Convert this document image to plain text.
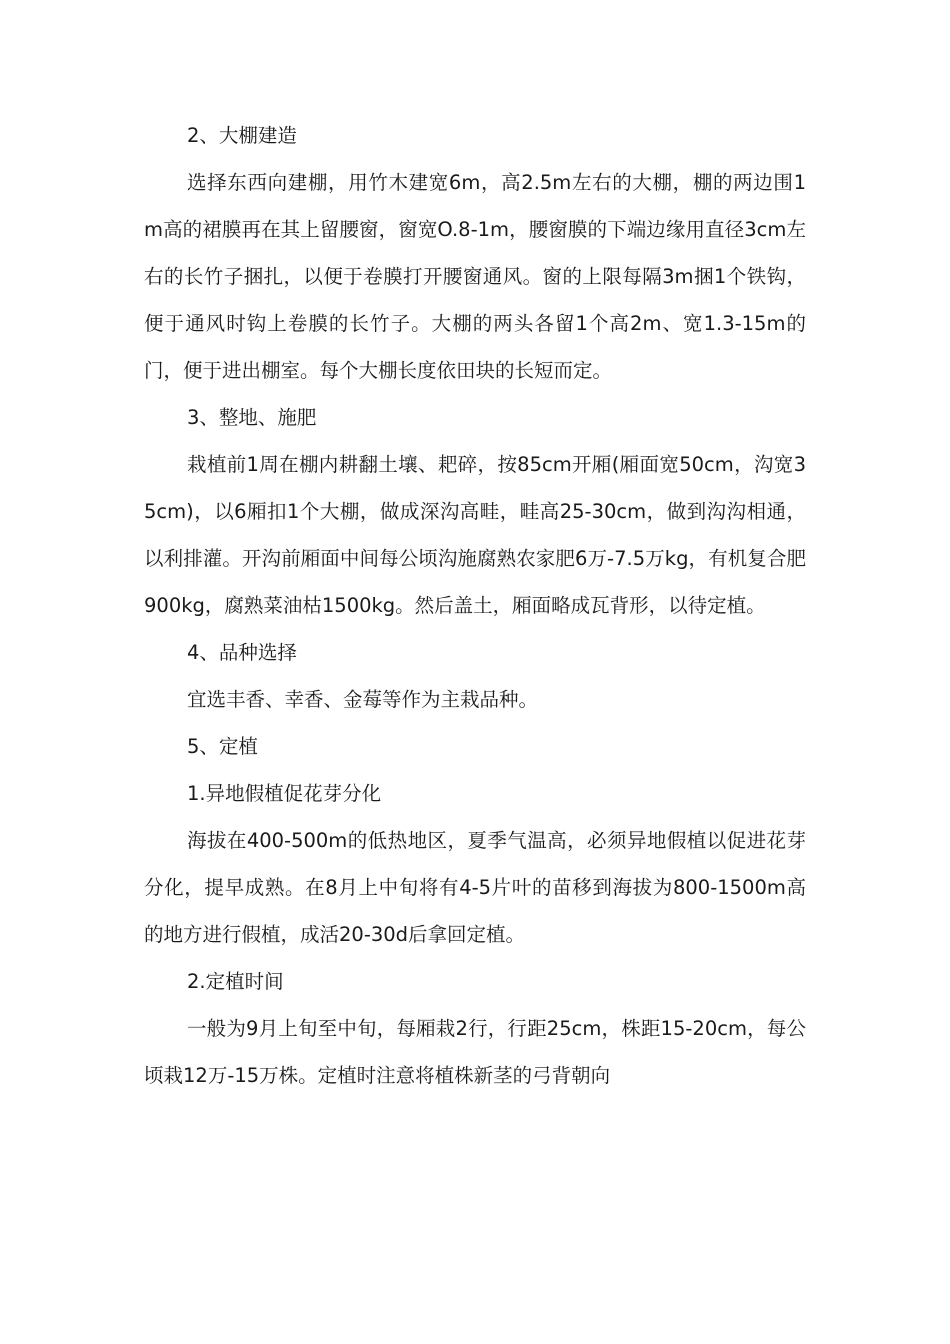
2、大棚建造

选择东西向建棚，用竹木建宽6m，高2.5m左右的大棚，棚的两边围1m高的裙膜再在其上留腰窗，窗宽O.8-1m，腰窗膜的下端边缘用直径3cm左右的长竹子捆扎，以便于卷膜打开腰窗通风。窗的上限每隔3m捆1个铁钩，便于通风时钩上卷膜的长竹子。大棚的两头各留1个高2m、宽1.3-15m的门，便于进出棚室。每个大棚长度依田块的长短而定。

3、整地、施肥

栽植前1周在棚内耕翻土壤、耙碎，按85cm开厢(厢面宽50cm，沟宽35cm)，以6厢扣1个大棚，做成深沟高畦，畦高25-30cm，做到沟沟相通，以利排灌。开沟前厢面中间每公顷沟施腐熟农家肥6万-7.5万kg，有机复合肥900kg，腐熟菜油枯1500kg。然后盖土，厢面略成瓦背形，以待定植。

4、品种选择

宜选丰香、幸香、金莓等作为主栽品种。

5、定植

1.异地假植促花芽分化

海拔在400-500m的低热地区，夏季气温高，必须异地假植以促进花芽分化，提早成熟。在8月上中旬将有4-5片叶的苗移到海拔为800-1500m高的地方进行假植，成活20-30d后拿回定植。

2.定植时间

一般为9月上旬至中旬，每厢栽2行，行距25cm，株距15-20cm，每公顷栽12万-15万株。定植时注意将植株新茎的弓背朝向
